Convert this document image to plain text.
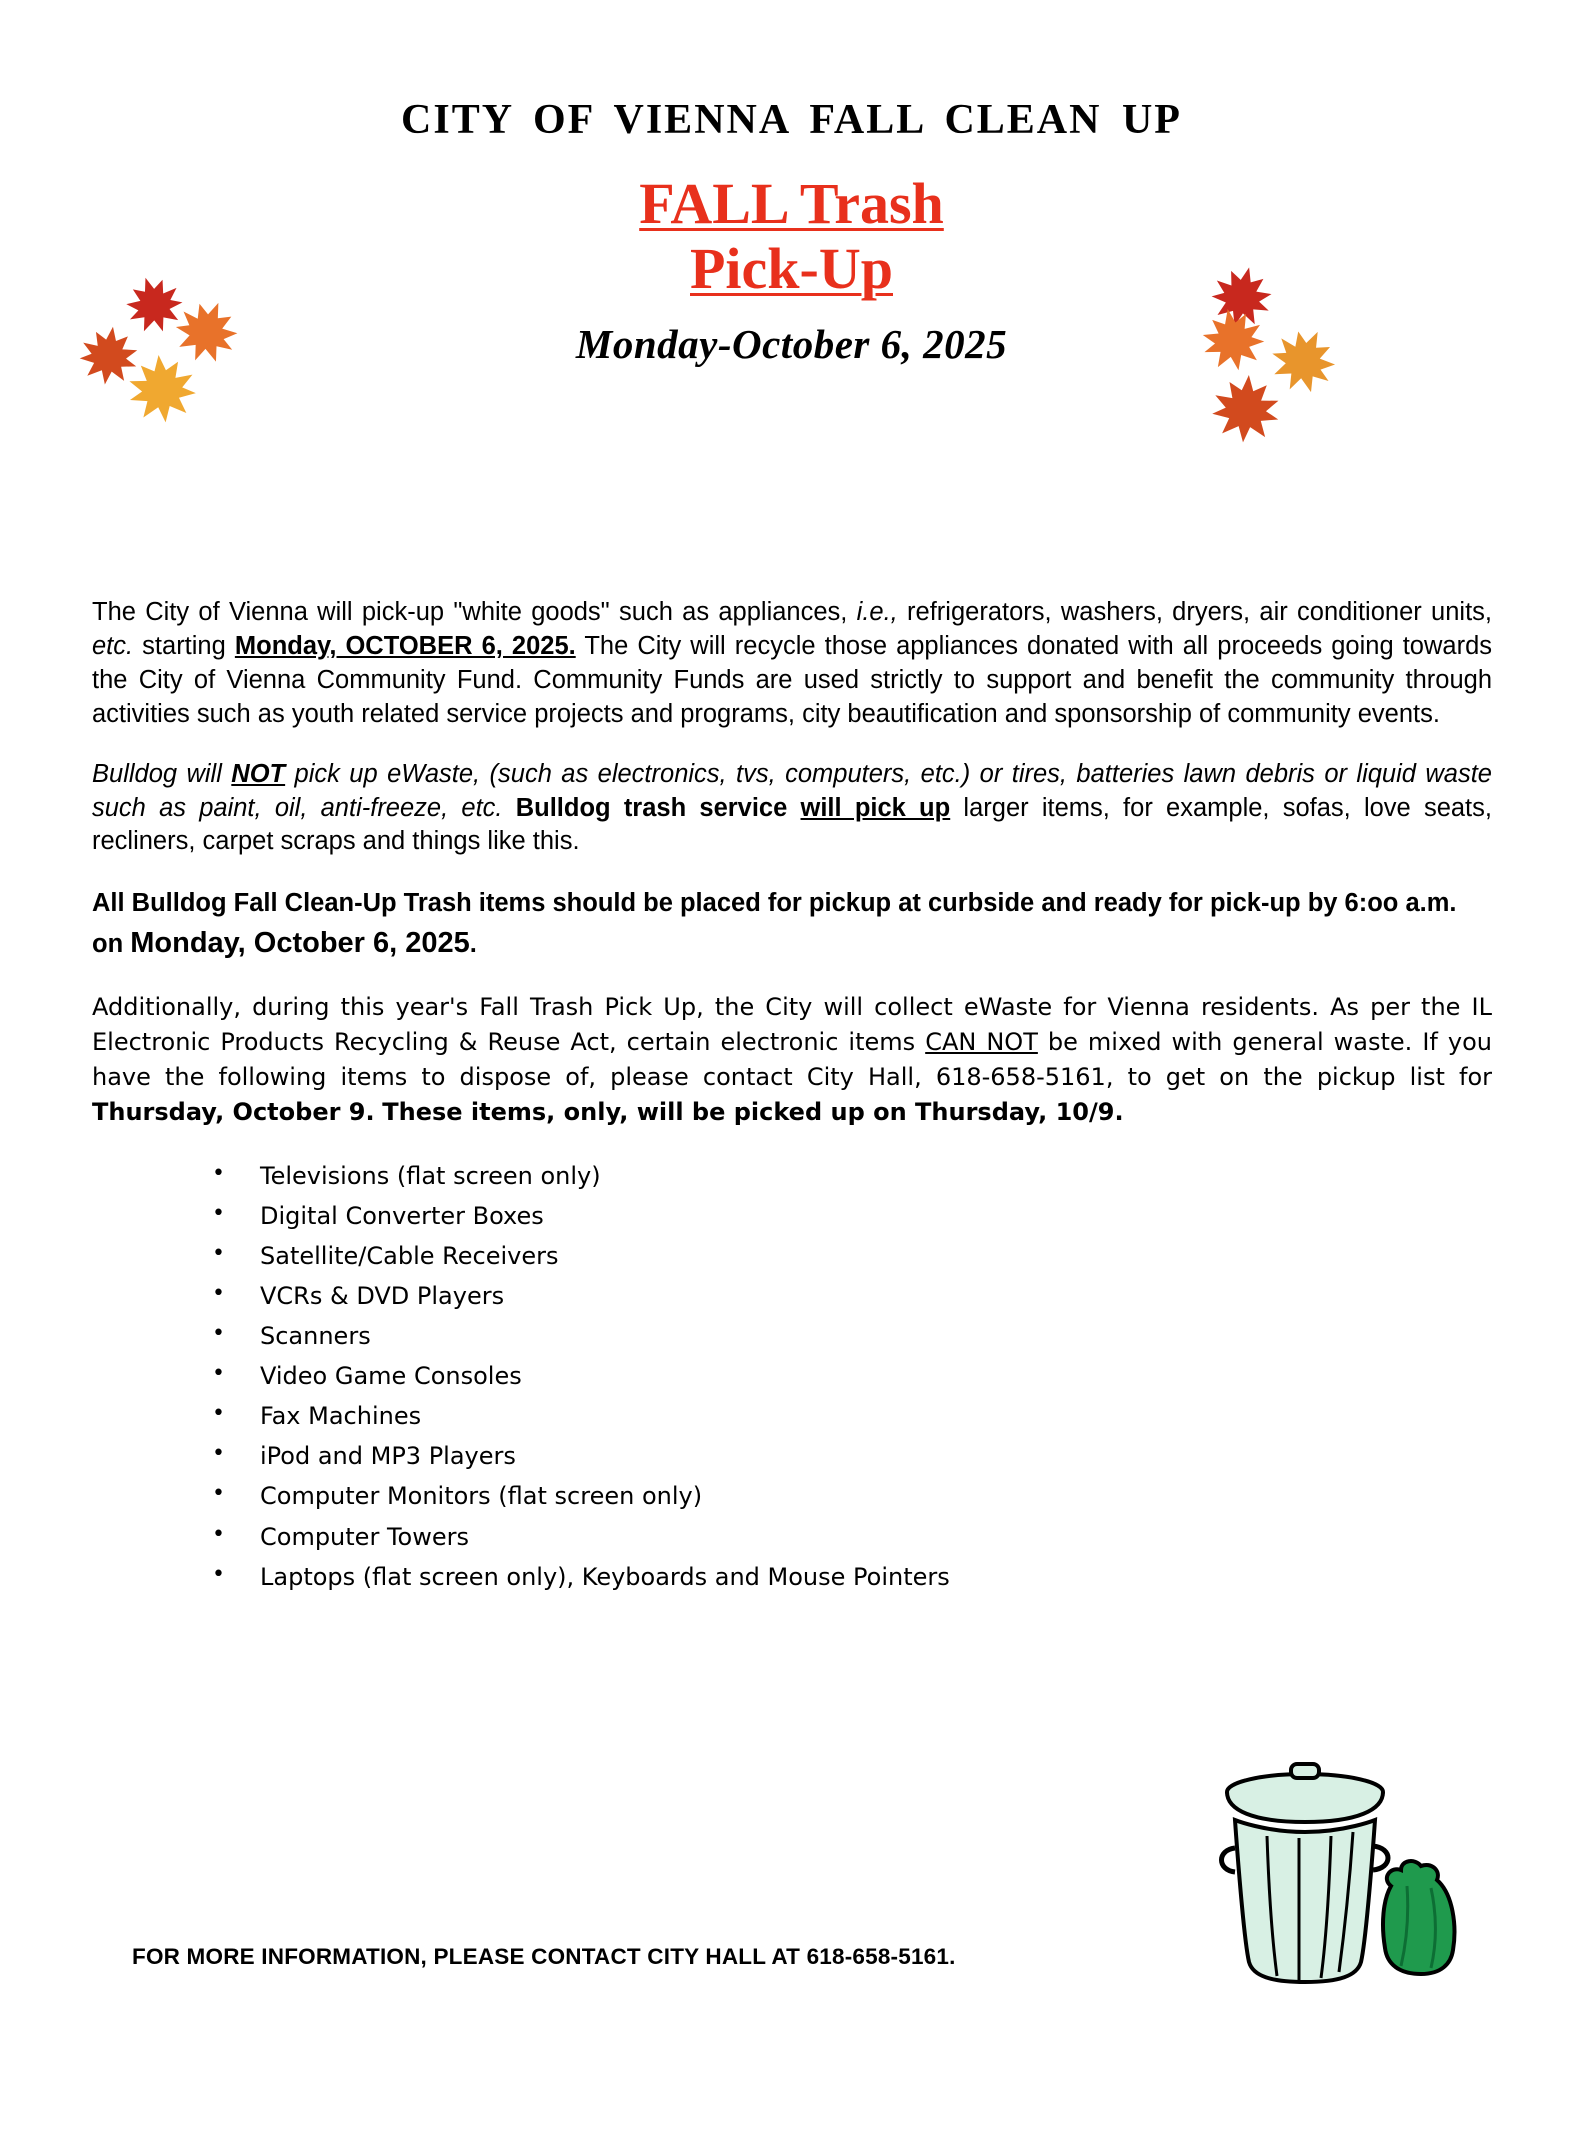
CITY OF VIENNA FALL CLEAN UP
FALL Trash
Pick-Up
Monday-October 6, 2025

The City of Vienna will pick-up "white goods" such as appliances, i.e., refrigerators, washers, dryers, air conditioner units, etc. starting Monday, OCTOBER 6, 2025. The City will recycle those appliances donated with all proceeds going towards the City of Vienna Community Fund. Community Funds are used strictly to support and benefit the community through activities such as youth related service projects and programs, city beautification and sponsorship of community events.

Bulldog will NOT pick up eWaste, (such as electronics, tvs, computers, etc.) or tires, batteries lawn debris or liquid waste such as paint, oil, anti-freeze, etc. Bulldog trash service will pick up larger items, for example, sofas, love seats, recliners, carpet scraps and things like this.

All Bulldog Fall Clean-Up Trash items should be placed for pickup at curbside and ready for pick-up by 6:oo a.m. on Monday, October 6, 2025.

Additionally, during this year's Fall Trash Pick Up, the City will collect eWaste for Vienna residents. As per the IL Electronic Products Recycling & Reuse Act, certain electronic items CAN NOT be mixed with general waste. If you have the following items to dispose of, please contact City Hall, 618-658-5161, to get on the pickup list for Thursday, October 9. These items, only, will be picked up on Thursday, 10/9.

• Televisions (flat screen only)
• Digital Converter Boxes
• Satellite/Cable Receivers
• VCRs & DVD Players
• Scanners
• Video Game Consoles
• Fax Machines
• iPod and MP3 Players
• Computer Monitors (flat screen only)
• Computer Towers
• Laptops (flat screen only), Keyboards and Mouse Pointers
FOR MORE INFORMATION, PLEASE CONTACT CITY HALL AT 618-658-5161.
